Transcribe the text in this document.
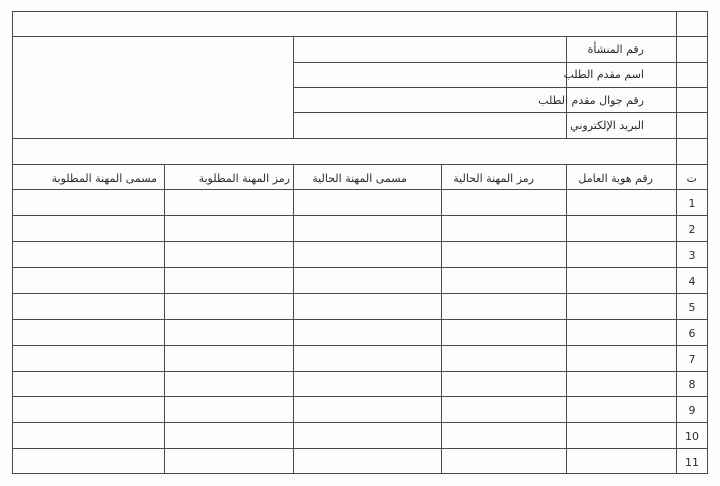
رقم المنشأة
اسم مقدم الطلب
رقم جوال مقدم الطلب
البريد الإلكتروني
ت
رقم هوية العامل
رمز المهنة الحالية
مسمى المهنة الحالية
رمز المهنة المطلوبة
مسمى المهنة المطلوبة
1
2
3
4
5
6
7
8
9
10
11
